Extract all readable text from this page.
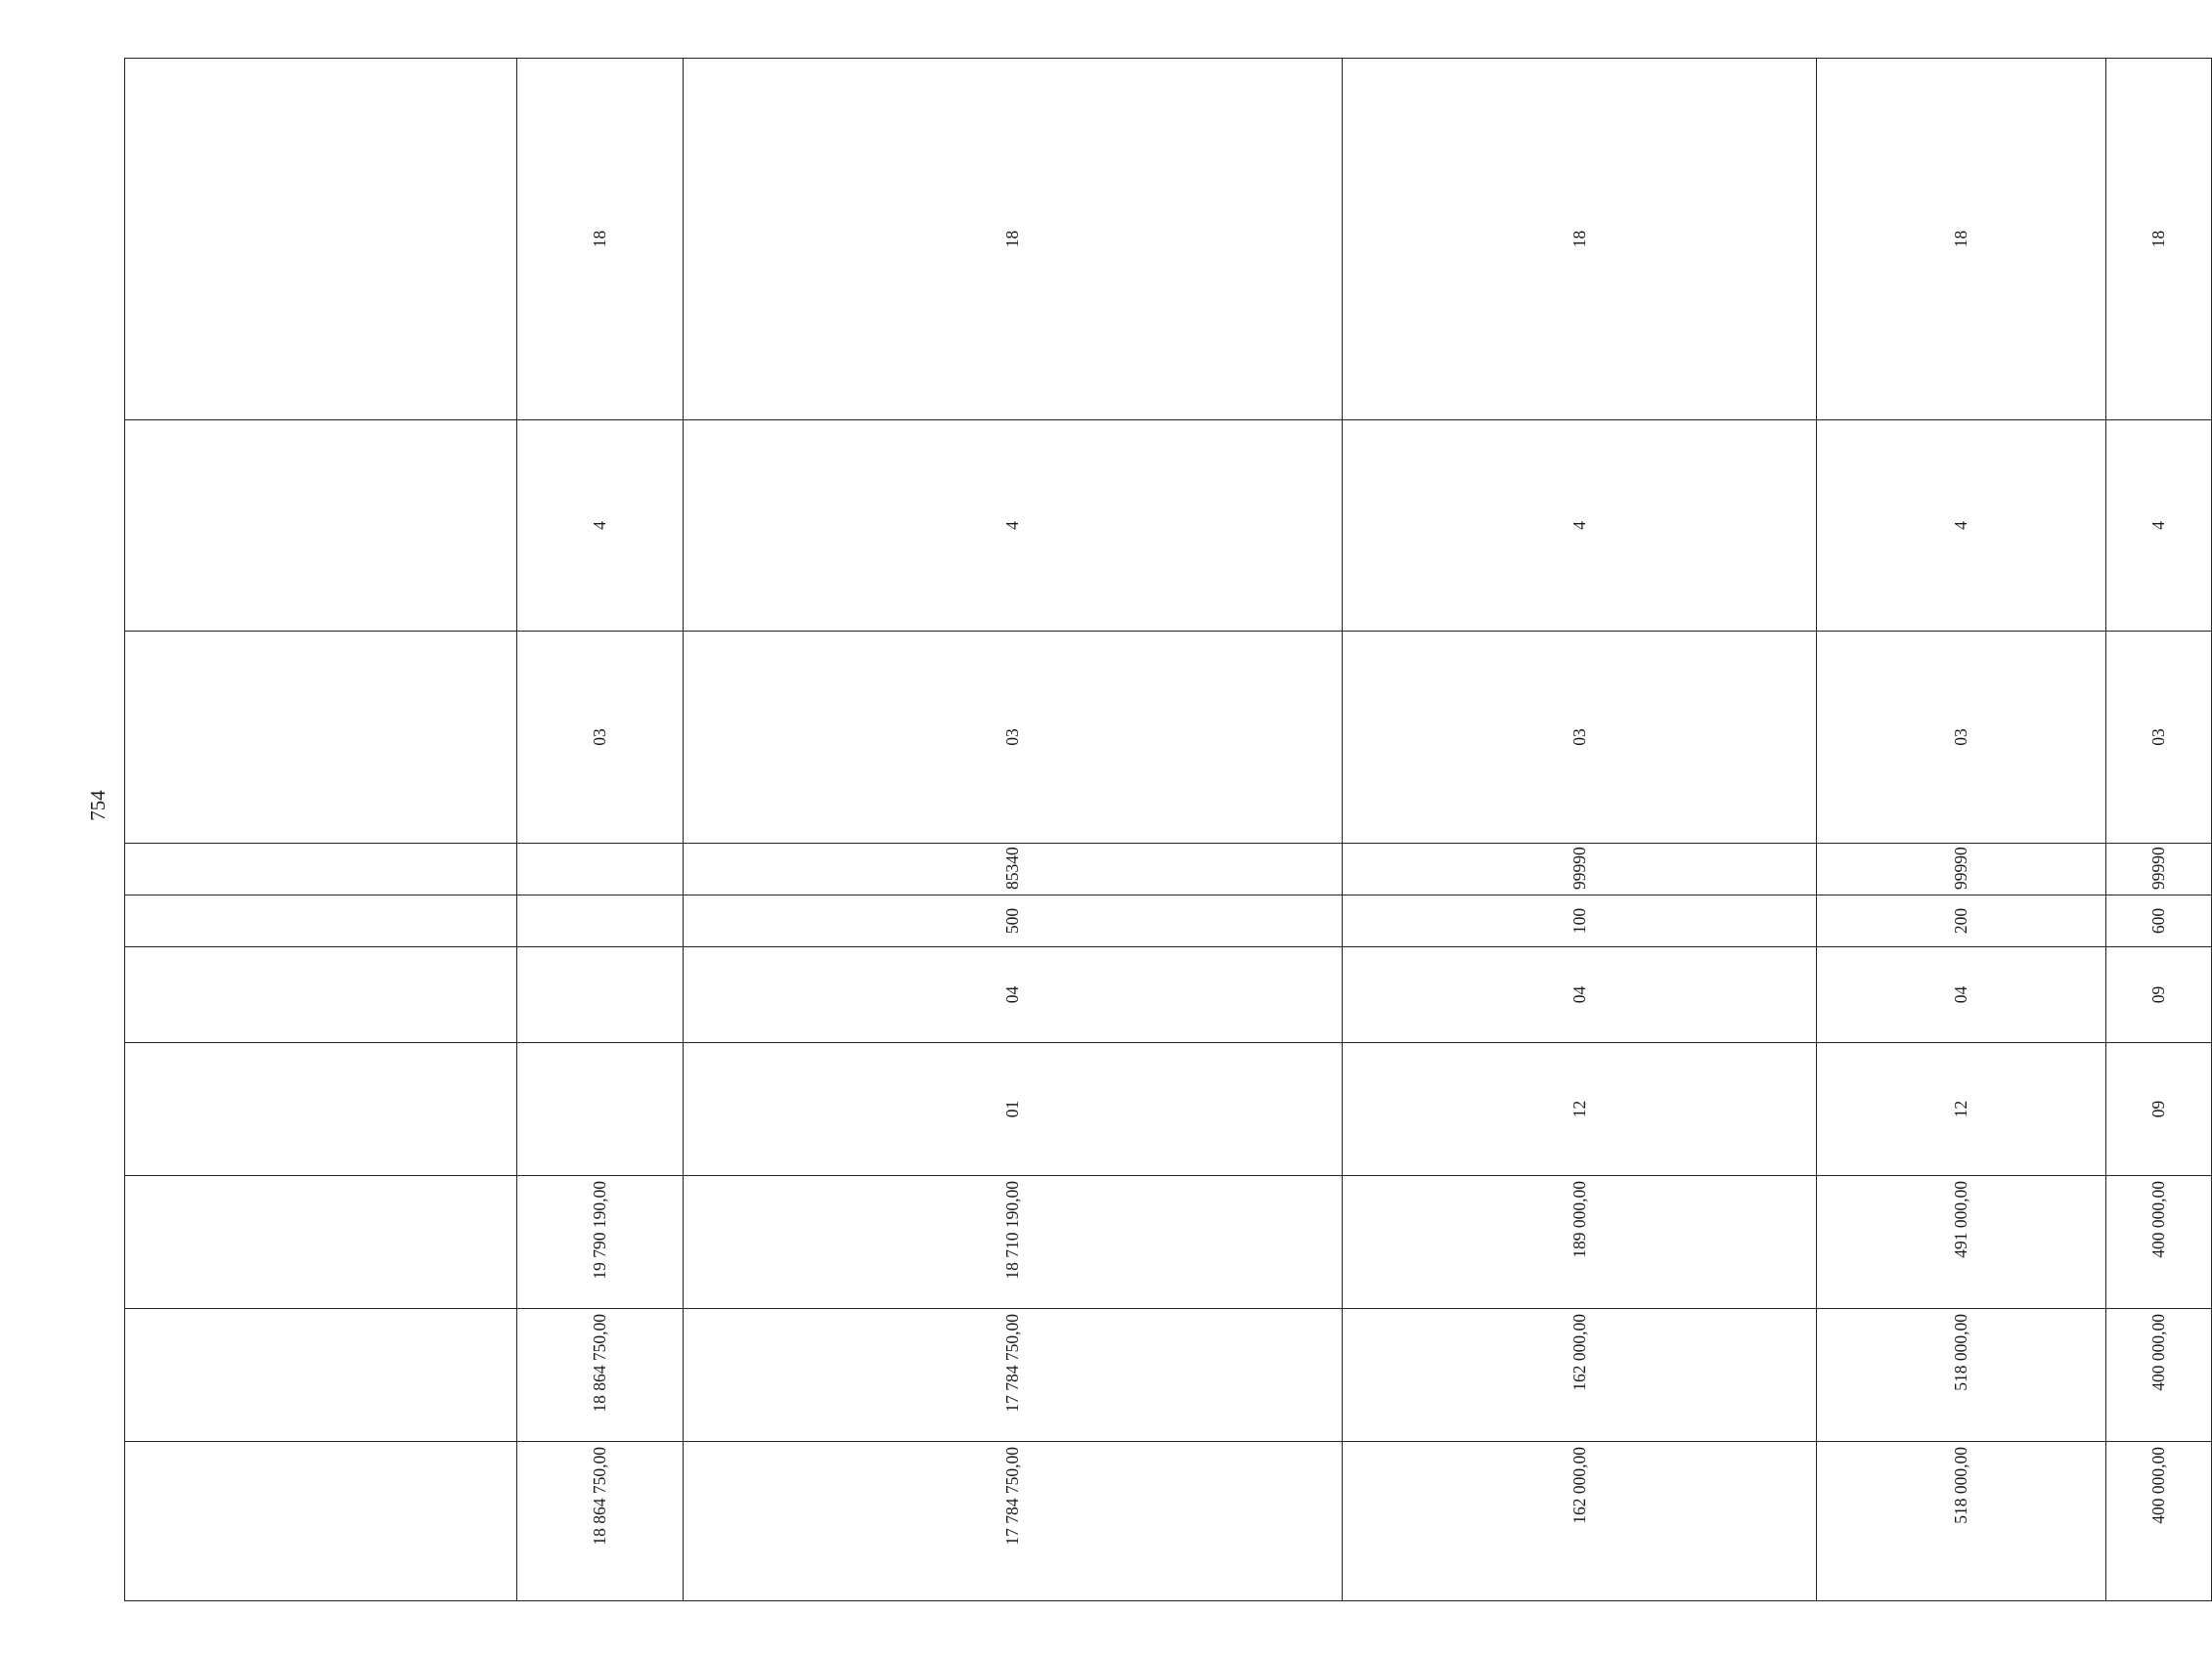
754

18 864 750,00	18 864 750,00	19 790 190,00					03	4	18	
17 784 750,00	17 784 750,00	18 710 190,00	01	04	500	85340	03	4	18	
162 000,00	162 000,00	189 000,00	12	04	100	99990	03	4	18	
518 000,00	518 000,00	491 000,00	12	04	200	99990	03	4	18	
400 000,00	400 000,00	400 000,00	09	09	600	99990	03	4	18	
